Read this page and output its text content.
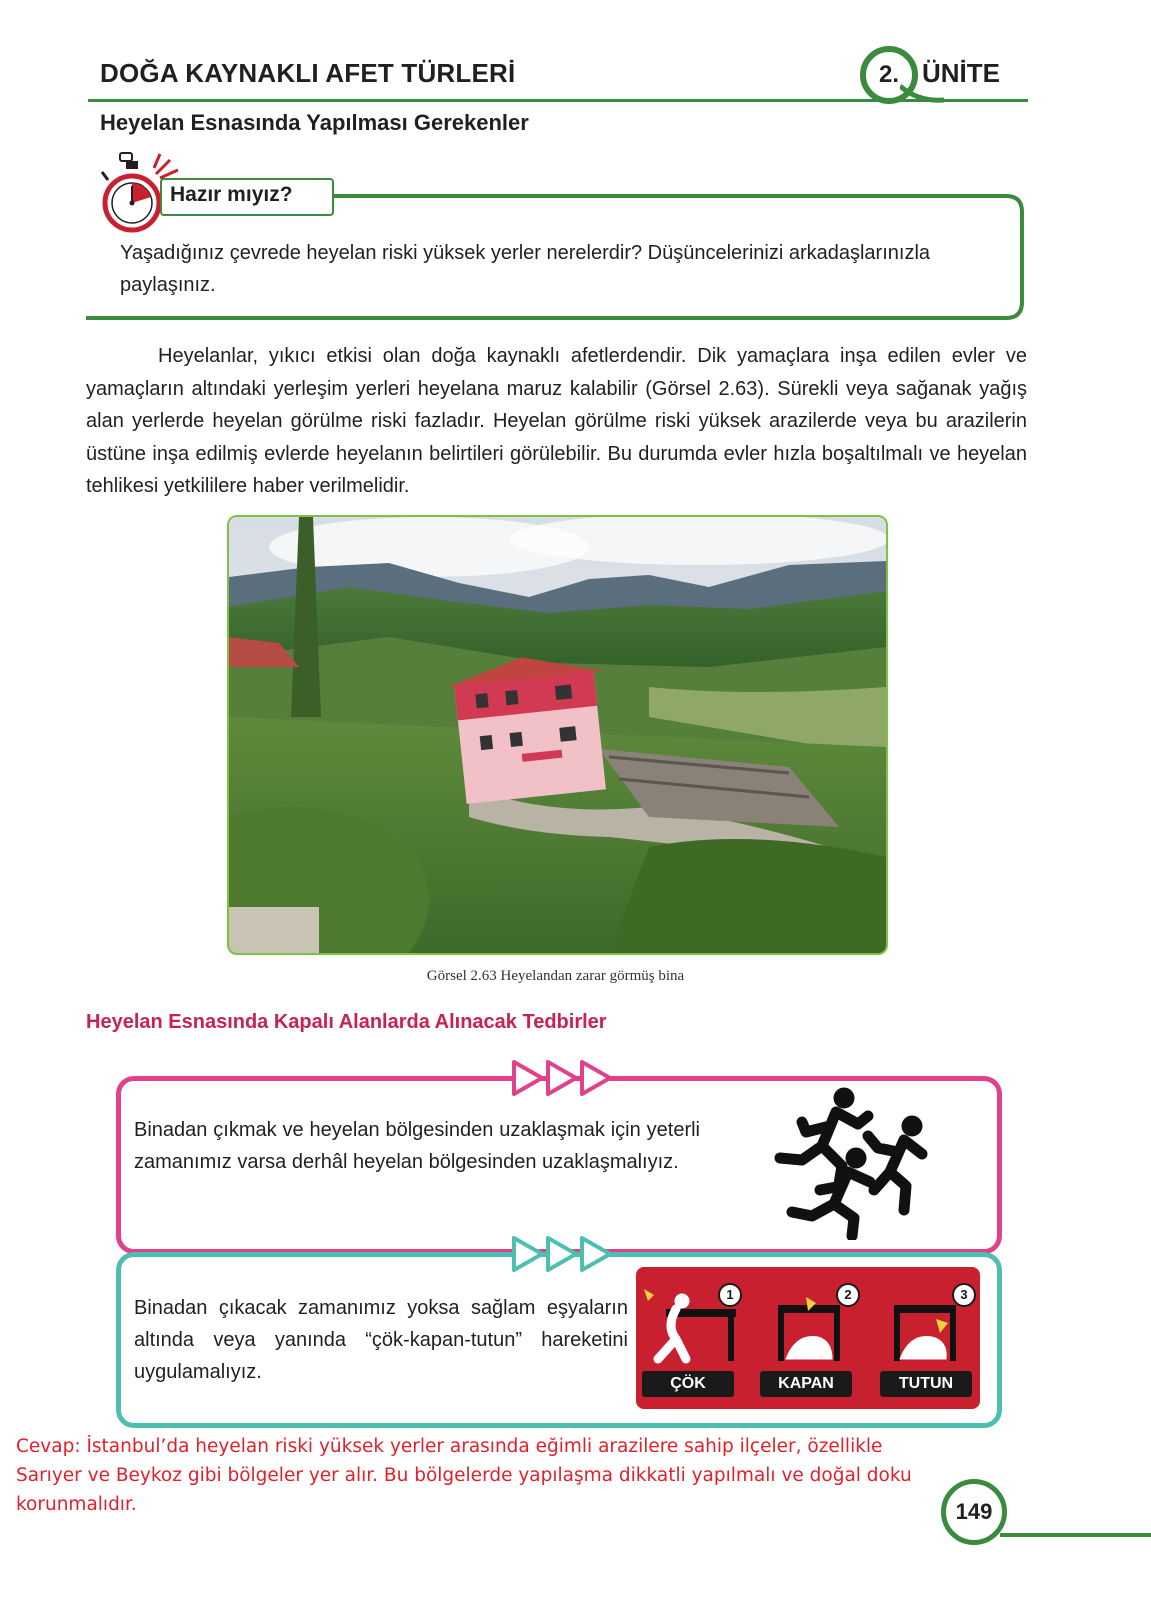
DOĞA KAYNAKLI AFET TÜRLERİ	2. ÜNİTE
Heyelan Esnasında Yapılması Gerekenler
Hazır mıyız?
Yaşadığınız çevrede heyelan riski yüksek yerler nerelerdir? Düşüncelerinizi arkadaşlarınızla paylaşınız.
Heyelanlar, yıkıcı etkisi olan doğa kaynaklı afetlerdendir. Dik yamaçlara inşa edilen evler ve yamaçların altındaki yerleşim yerleri heyelana maruz kalabilir (Görsel 2.63). Sürekli veya sağanak yağış alan yerlerde heyelan görülme riski fazladır. Heyelan görülme riski yüksek arazilerde veya bu arazilerin üstüne inşa edilmiş evlerde heyelanın belirtileri görülebilir. Bu durumda evler hızla boşaltılmalı ve heyelan tehlikesi yetkililere haber verilmelidir.
Görsel 2.63 Heyelandan zarar görmüş bina
Heyelan Esnasında Kapalı Alanlarda Alınacak Tedbirler
Binadan çıkmak ve heyelan bölgesinden uzaklaşmak için yeterli zamanımız varsa derhâl heyelan bölgesinden uzaklaşmalıyız.
Binadan çıkacak zamanımız yoksa sağlam eşyaların altında veya yanında “çök-kapan-tutun” hareketini uygulamalıyız.
1	2	3
ÇÖK	KAPAN	TUTUN
Cevap: İstanbul’da heyelan riski yüksek yerler arasında eğimli arazilere sahip ilçeler, özellikle Sarıyer ve Beykoz gibi bölgeler yer alır. Bu bölgelerde yapılaşma dikkatli yapılmalı ve doğal doku korunmalıdır.	149
